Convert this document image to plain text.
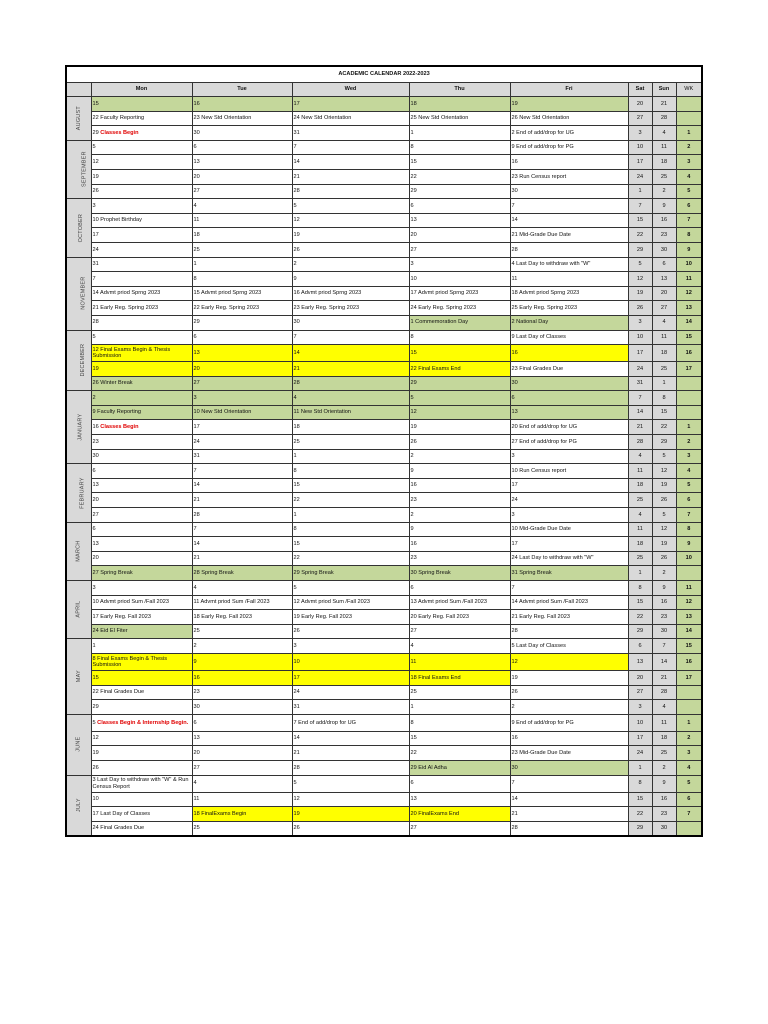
ACADEMIC CALENDAR 2022-2023								
	Mon	Tue	Wed	Thu	Fri	Sat	Sun	WK
AUGUST	15	16	17	18	19	20	21	
	22 Faculty Reporting	23 New Std Orientation	24 New Std Orientation	25 New Std Orientation	26 New Std Orientation	27	28	
	29 Classes Begin	30	31	1	2 End of add/drop for UG	3	4	1
SEPTEMBER	5	6	7	8	9 End of add/drop for PG	10	11	2
	12	13	14	15	16	17	18	3
	19	20	21	22	23 Run Census report	24	25	4
	26	27	28	29	30	1	2	5
OCTOBER	3	4	5	6	7	7	9	6
	10 Prophet Birthday	11	12	13	14	15	16	7
	17	18	19	20	21 Mid-Grade Due Date	22	23	8
	24	25	26	27	28	29	30	9
NOVEMBER	31	1	2	3	4 Last Day to withdraw with "W"	5	6	10
	7	8	9	10	11	12	13	11
	14 Advmt priod Sprng 2023	15 Advmt priod Sprng 2023	16 Advmt priod Sprng 2023	17 Advmt priod Sprng 2023	18 Advmt priod Sprng 2023	19	20	12
	21 Early Reg. Spring 2023	22 Early Reg. Spring 2023	23 Early Reg. Spring 2023	24 Early Reg. Spring 2023	25 Early Reg. Spring 2023	26	27	13
	28	29	30	1 Commemoration Day	2 National Day	3	4	14
DECEMBER	5	6	7	8	9 Last Day of Classes	10	11	15
	12 Final Exams Begin & Thesis Submission	13	14	15	16	17	18	16
	19	20	21	22 Final Exams End	23 Final Grades Due	24	25	17
	26 Winter Break	27	28	29	30	31	1	
JANUARY	2	3	4	5	6	7	8	
	9 Faculty Reporting	10 New Std Orientation	11 New Std Orientation	12	13	14	15	
	16 Classes Begin	17	18	19	20 End of add/drop for UG	21	22	1
	23	24	25	26	27 End of add/drop for PG	28	29	2
	30	31	1	2	3	4	5	3
FEBRUARY	6	7	8	9	10 Run Census report	11	12	4
	13	14	15	16	17	18	19	5
	20	21	22	23	24	25	26	6
	27	28	1	2	3	4	5	7
MARCH	6	7	8	9	10 Mid-Grade Due Date	11	12	8
	13	14	15	16	17	18	19	9
	20	21	22	23	24 Last Day to withdraw with "W"	25	26	10
	27 Spring Break	28 Spring Break	29 Spring Break	30 Spring Break	31 Spring Break	1	2	
APRIL	3	4	5	6	7	8	9	11
	10 Advmt priod Sum /Fall 2023	11 Advmt priod Sum /Fall 2023	12 Advmt priod Sum /Fall 2023	13 Advmt priod Sum /Fall 2023	14 Advmt priod Sum /Fall 2023	15	16	12
	17 Early Reg. Fall 2023	18 Early Reg. Fall 2023	19 Early Reg. Fall 2023	20 Early Reg. Fall 2023	21 Early Reg. Fall 2023	22	23	13
	24 Eid El Fiter	25	26	27	28	29	30	14
MAY	1	2	3	4	5 Last Day of Classes	6	7	15
	8 Final Exams Begin & Thesis Submission	9	10	11	12	13	14	16
	15	16	17	18 Final Exams End	19	20	21	17
	22 Final Grades Due	23	24	25	26	27	28	
	29	30	31	1	2	3	4	
JUNE	5 Classes Begin & Internship Begin.	6	7 End of add/drop for UG	8	9 End of add/drop for PG	10	11	1
	12	13	14	15	16	17	18	2
	19	20	21	22	23 Mid-Grade Due Date	24	25	3
	26	27	28	29 Eid Al Adha	30	1	2	4
JULY	3 Last Day to withdraw with "W" & Run Census Report	4	5	6	7	8	9	5
	10	11	12	13	14	15	16	6
	17 Last Day of Classes	18 FinalExams Begin	19	20 FinalExams End	21	22	23	7
	24 Final Grades Due	25	26	27	28	29	30	
